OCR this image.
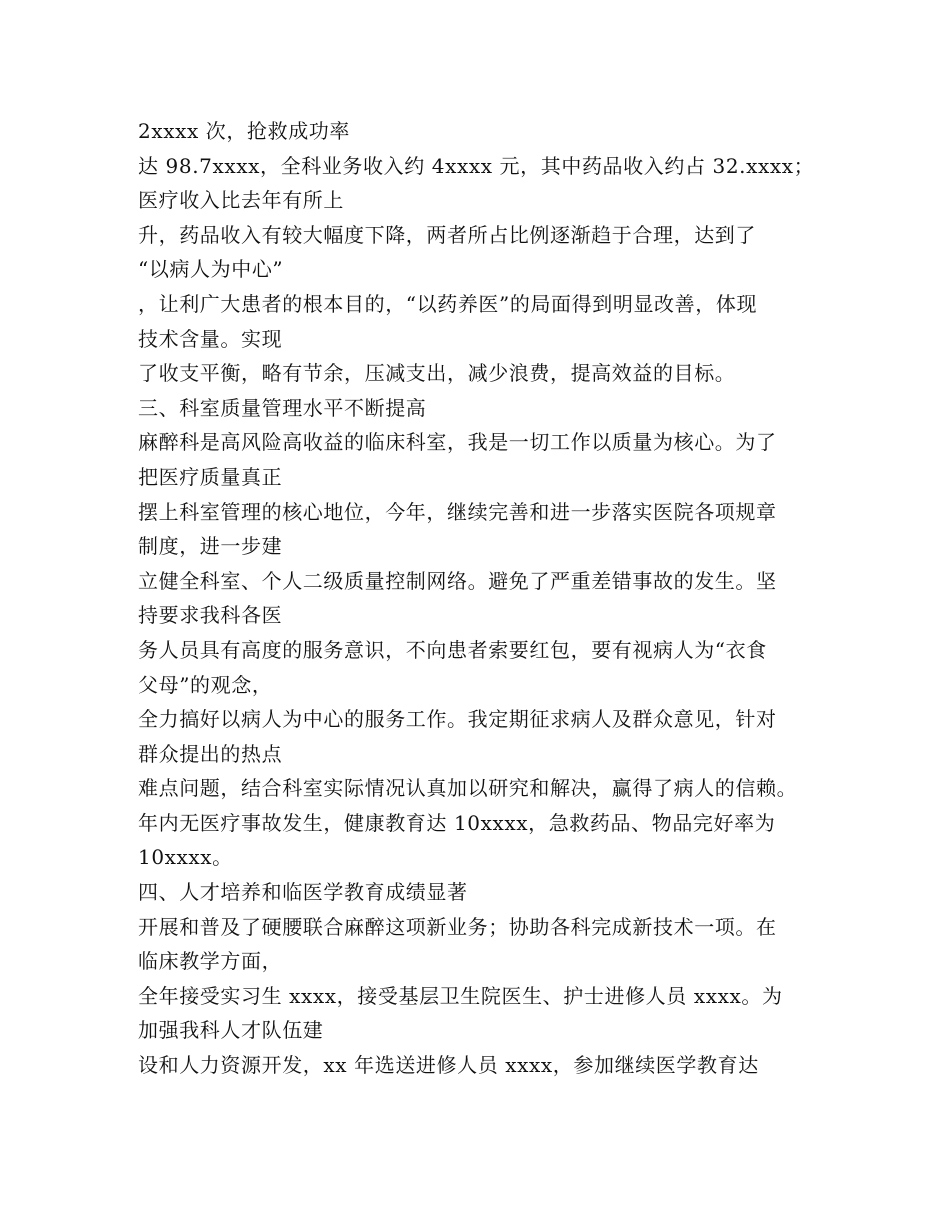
2xxxx 次，抢救成功率
达 98.7xxxx，全科业务收入约 4xxxx 元，其中药品收入约占 32.xxxx；
医疗收入比去年有所上
升，药品收入有较大幅度下降，两者所占比例逐渐趋于合理，达到了
“以病人为中心”
，让利广大患者的根本目的，“以药养医”的局面得到明显改善，体现
技术含量。实现
了收支平衡，略有节余，压减支出，减少浪费，提高效益的目标。
三、科室质量管理水平不断提高
麻醉科是高风险高收益的临床科室，我是一切工作以质量为核心。为了
把医疗质量真正
摆上科室管理的核心地位，今年，继续完善和进一步落实医院各项规章
制度，进一步建
立健全科室、个人二级质量控制网络。避免了严重差错事故的发生。坚
持要求我科各医
务人员具有高度的服务意识，不向患者索要红包，要有视病人为“衣食
父母”的观念，
全力搞好以病人为中心的服务工作。我定期征求病人及群众意见，针对
群众提出的热点
难点问题，结合科室实际情况认真加以研究和解决，赢得了病人的信赖。
年内无医疗事故发生，健康教育达 10xxxx，急救药品、物品完好率为
10xxxx。
四、人才培养和临医学教育成绩显著
开展和普及了硬腰联合麻醉这项新业务；协助各科完成新技术一项。在
临床教学方面，
全年接受实习生 xxxx，接受基层卫生院医生、护士进修人员 xxxx。为
加强我科人才队伍建
设和人力资源开发，xx 年选送进修人员 xxxx，参加继续医学教育达
